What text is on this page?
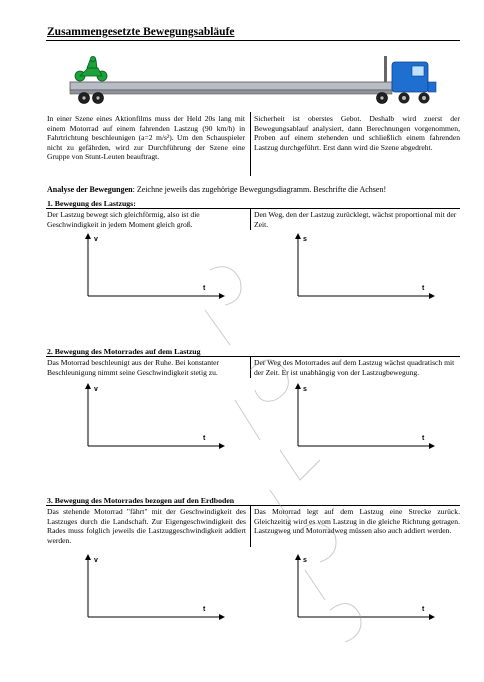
Zusammengesetzte Bewegungsabläufe
In einer Szene eines Aktionfilms muss der Held 20s lang mit einem Motorrad auf einem fahrenden Lastzug (90 km/h) in Fahrtrichtung beschleunigen (a=2 m/s²). Um den Schauspieler nicht zu gefährden, wird zur Durchführung der Szene eine Gruppe von Stunt-Leuten beauftragt.
Sicherheit ist oberstes Gebot. Deshalb wird zuerst der Bewegungsablauf analysiert, dann Berechnungen vorgenommen, Proben auf einem stehenden und schließlich einem fahrenden Lastzug durchgeführt. Erst dann wird die Szene abgedreht.
Analyse der Bewegungen: Zeichne jeweils das zugehörige Bewegungsdiagramm. Beschrifte die Achsen!
1. Bewegung des Lastzugs:
Der Lastzug bewegt sich gleichförmig, also ist die Geschwindigkeit in jedem Moment gleich groß.
Den Weg, den der Lastzug zurücklegt, wächst proportional mit der Zeit.
v
t
s
t
2. Bewegung des Motorrades auf dem Lastzug
Das Motorrad beschleunigt aus der Ruhe. Bei konstanter Beschleunigung nimmt seine Geschwindigkeit stetig zu.
Der Weg des Motorrades auf dem Lastzug wächst quadratisch mit der Zeit. Er ist unabhängig von der Lastzugbewegung.
v
t
s
t
3. Bewegung des Motorrades bezogen auf den Erdboden
Das stehende Motorrad "fährt" mit der Geschwindigkeit des Lastzuges durch die Landschaft. Zur Eigengeschwindigkeit des Rades muss folglich jeweils die Lastzuggeschwindigkeit addiert werden.
Das Motorrad legt auf dem Lastzug eine Strecke zurück. Gleichzeitig wird es vom Lastzug in die gleiche Richtung getragen. Lastzugweg und Motorradweg müssen also auch addiert werden.
v
t
s
t
